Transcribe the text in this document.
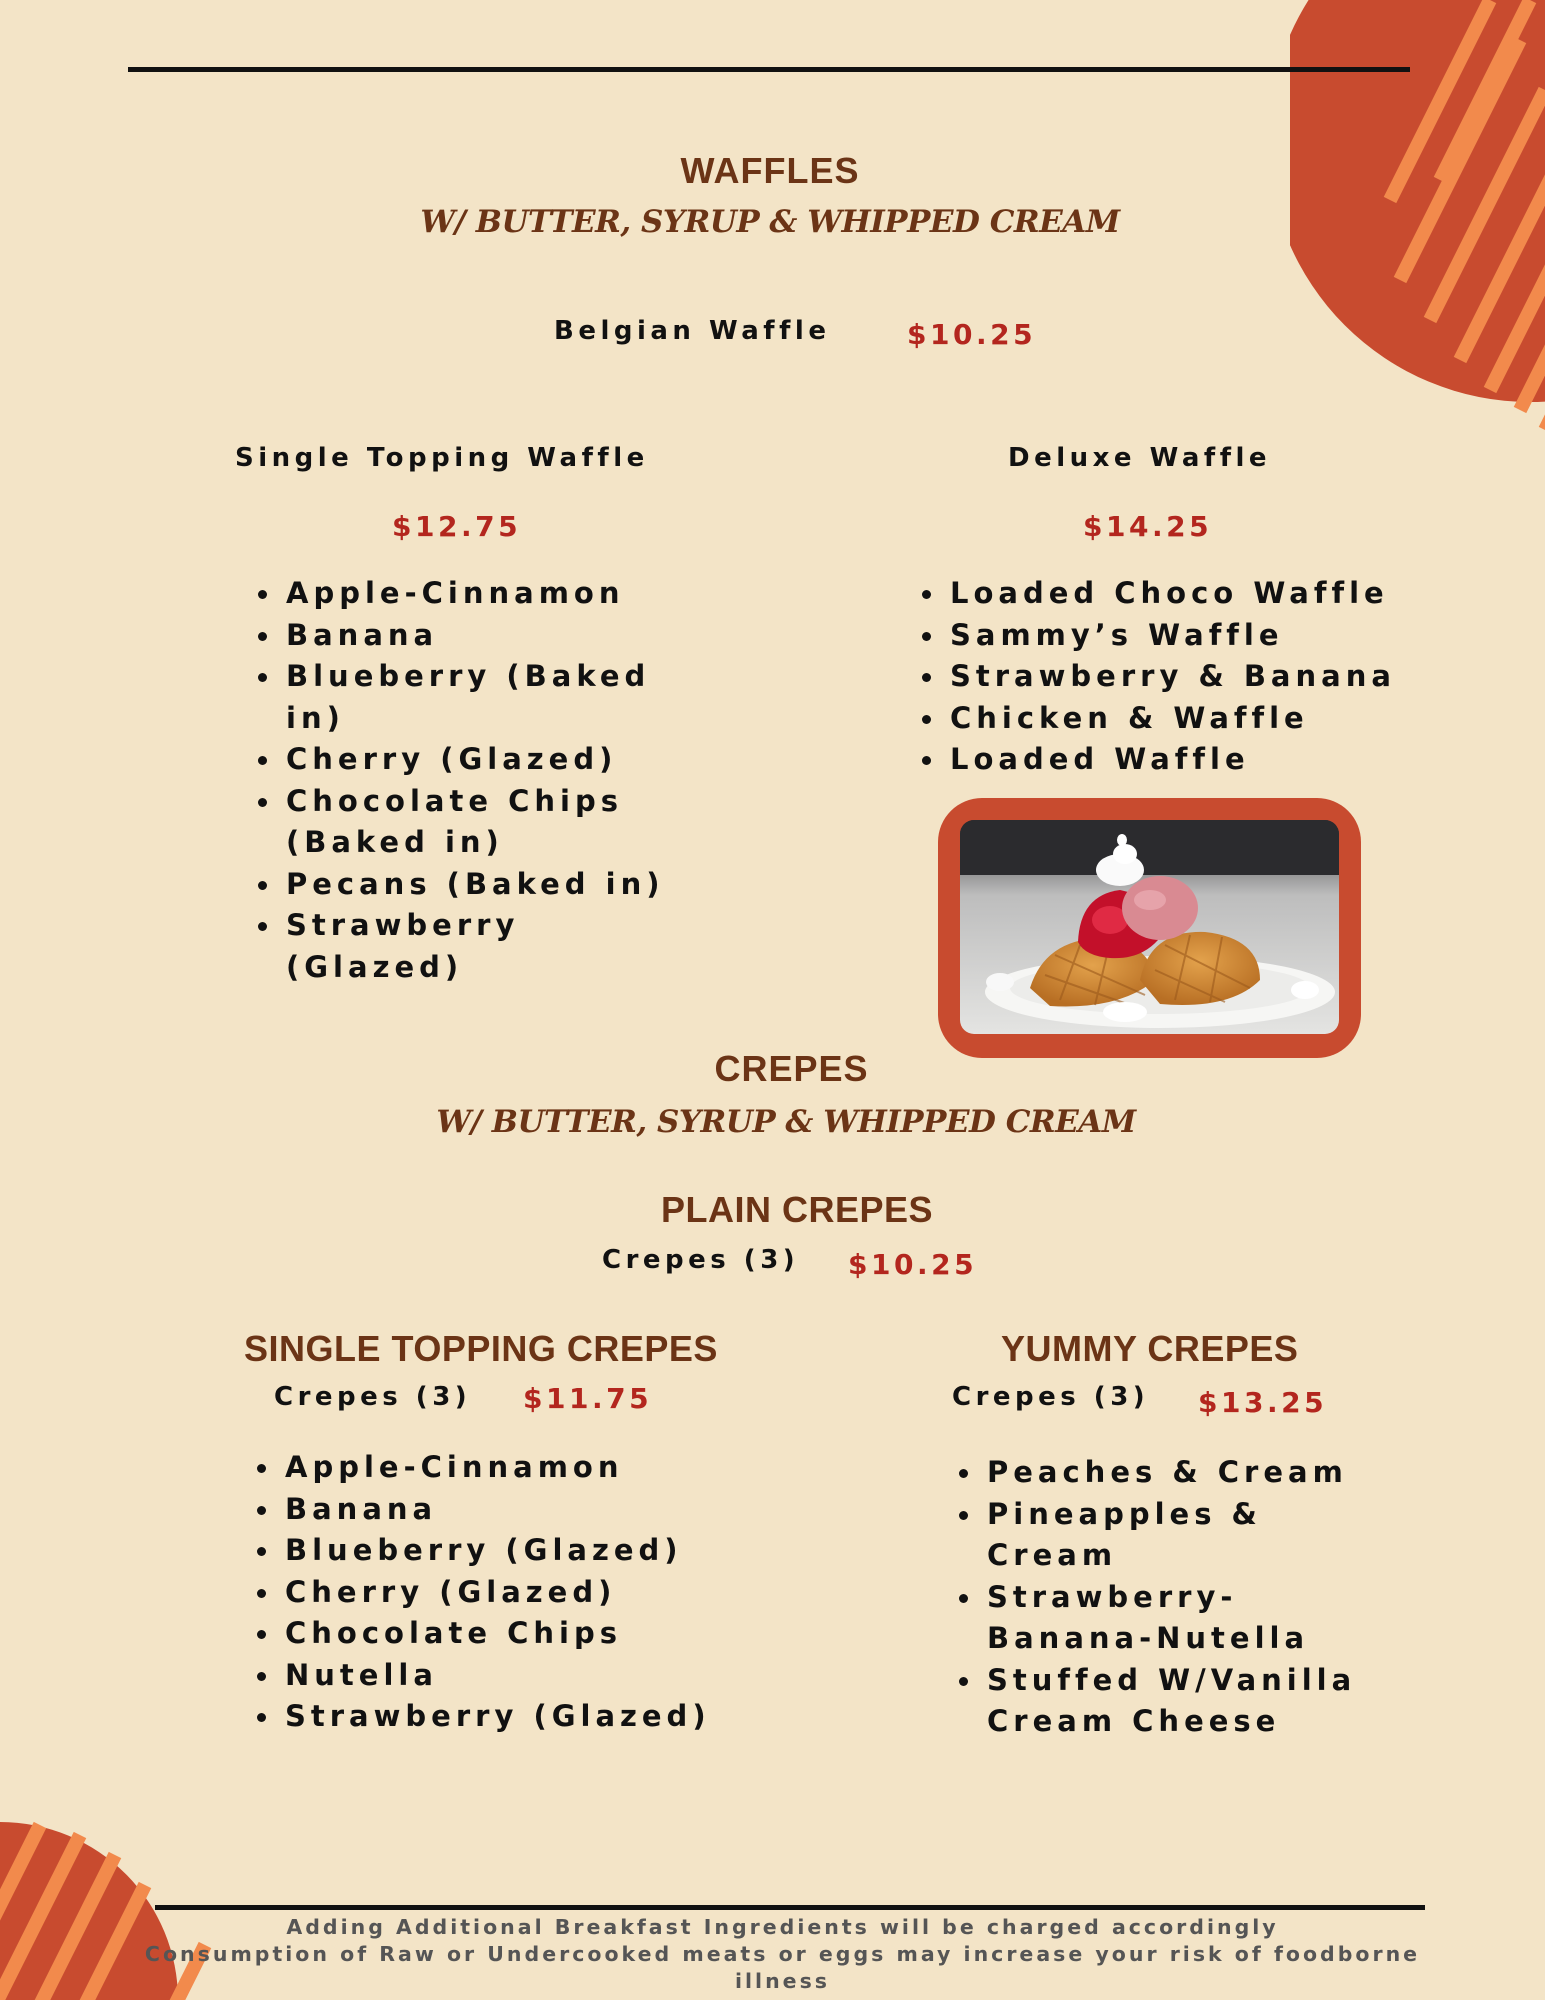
WAFFLES
W/ BUTTER, SYRUP & WHIPPED CREAM
Belgian Waffle	$10.25
Single Topping Waffle
$12.75
Deluxe Waffle
$14.25
Apple-Cinnamon
Banana
Blueberry (Baked in)
Cherry (Glazed)
Chocolate Chips (Baked in)
Pecans (Baked in)
Strawberry (Glazed)
Loaded Choco Waffle
Sammy’s Waffle
Strawberry & Banana
Chicken & Waffle
Loaded Waffle
CREPES
W/ BUTTER, SYRUP & WHIPPED CREAM
PLAIN CREPES
Crepes (3) $10.25
SINGLE TOPPING CREPES
Crepes (3) $11.75
YUMMY CREPES
Crepes (3) $13.25
Apple-Cinnamon
Banana
Blueberry (Glazed)
Cherry (Glazed)
Chocolate Chips
Nutella
Strawberry (Glazed)
Peaches & Cream
Pineapples & Cream
Strawberry-Banana-Nutella
Stuffed W/Vanilla Cream Cheese
Adding Additional Breakfast Ingredients will be charged accordingly
Consumption of Raw or Undercooked meats or eggs may increase your risk of foodborne
illness
